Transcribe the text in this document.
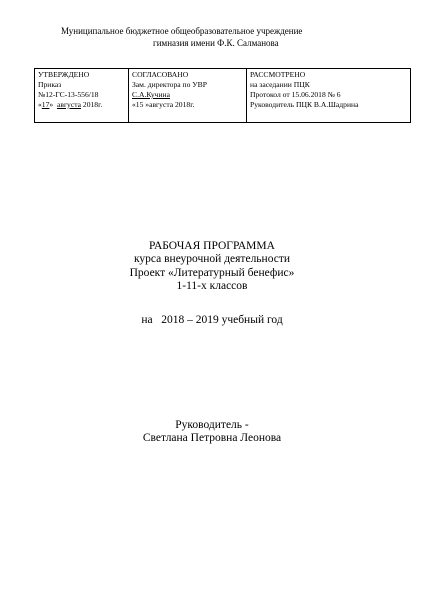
Муниципальное бюджетное общеобразовательное учреждение
гимназия имени Ф.К. Салманова
УТВЕРЖДЕНО
Приказ
№12-ГС-13-556/18
«17»  августа 2018г.

СОГЛАСОВАНО
Зам. директора по УВР
С.А.Кучина
«15 »августа 2018г.

РАССМОТРЕНО
на заседании ПЦК
Протокол от 15.06.2018 № 6
Руководитель ПЦК В.А.Шадрина
РАБОЧАЯ ПРОГРАММА
курса внеурочной деятельности
Проект «Литературный бенефис»
1-11-х классов
на   2018 – 2019 учебный год
Руководитель -
Светлана Петровна Леонова
